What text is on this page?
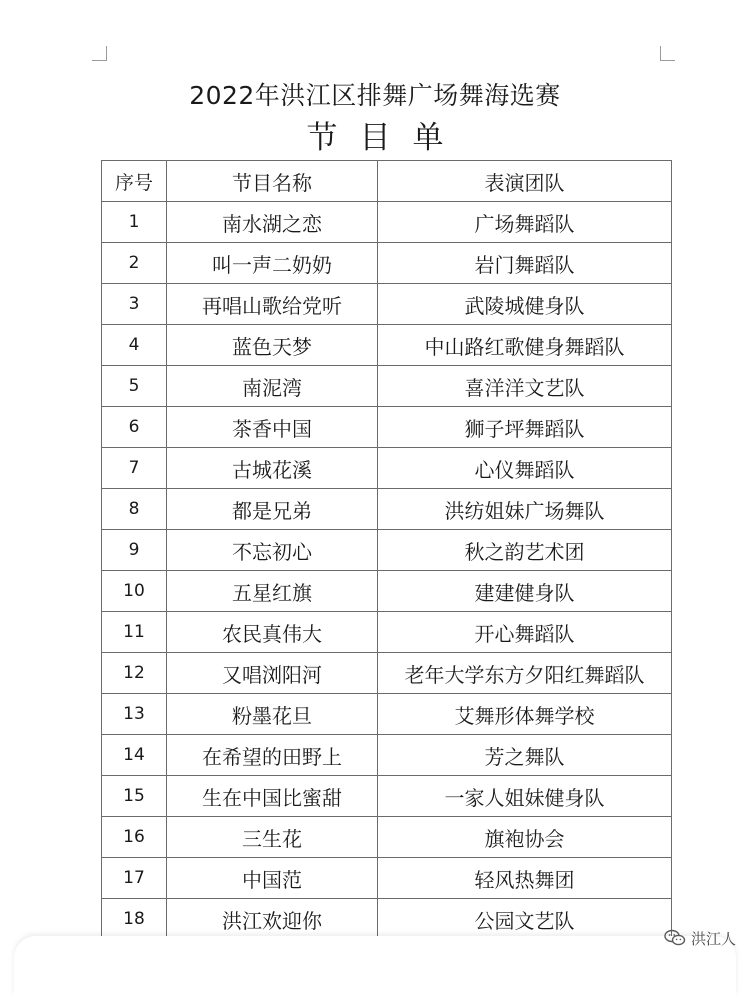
2022年洪江区排舞广场舞海选赛
节目单
序号	节目名称	表演团队
1	南水湖之恋	广场舞蹈队
2	叫一声二奶奶	岩门舞蹈队
3	再唱山歌给党听	武陵城健身队
4	蓝色天梦	中山路红歌健身舞蹈队
5	南泥湾	喜洋洋文艺队
6	茶香中国	狮子坪舞蹈队
7	古城花溪	心仪舞蹈队
8	都是兄弟	洪纺姐妹广场舞队
9	不忘初心	秋之韵艺术团
10	五星红旗	建建健身队
11	农民真伟大	开心舞蹈队
12	又唱浏阳河	老年大学东方夕阳红舞蹈队
13	粉墨花旦	艾舞形体舞学校
14	在希望的田野上	芳之舞队
15	生在中国比蜜甜	一家人姐妹健身队
16	三生花	旗袍协会
17	中国范	轻风热舞团
18	洪江欢迎你	公园文艺队
洪江人
